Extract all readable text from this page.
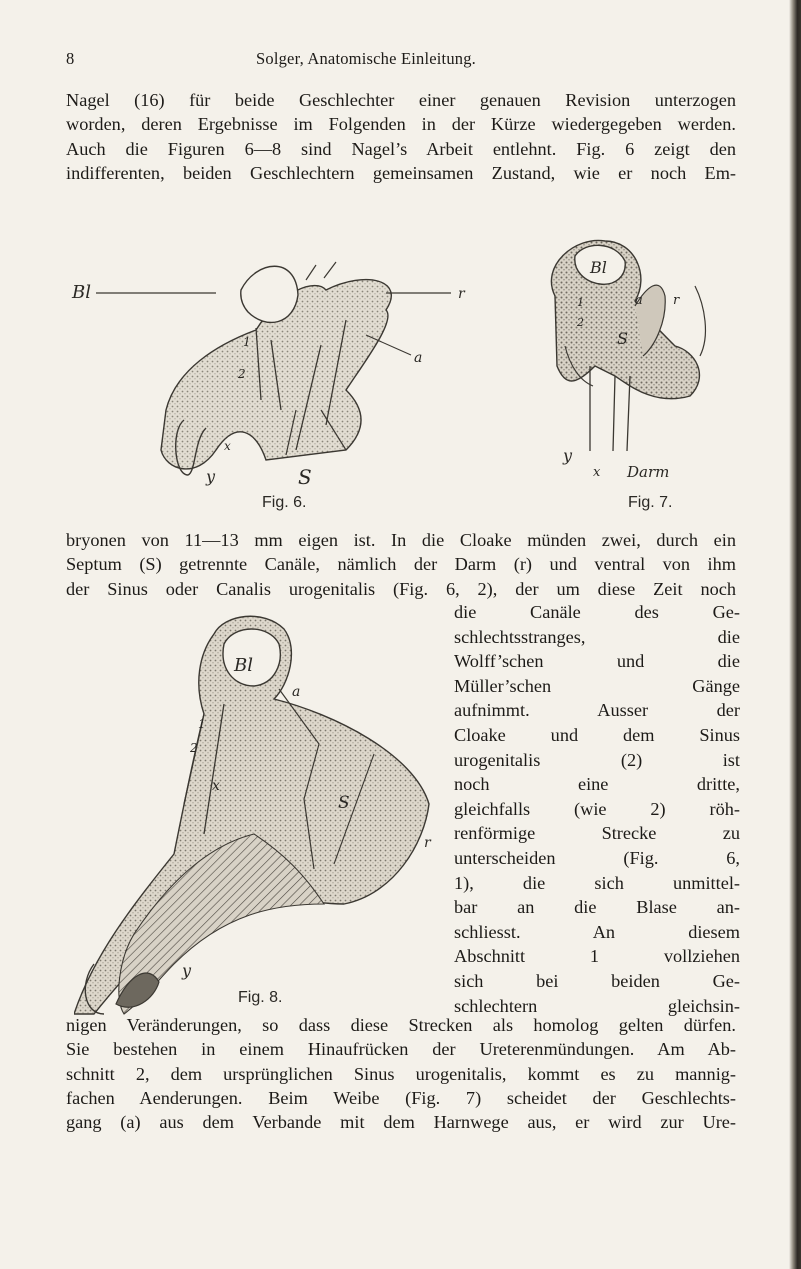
8	Solger, Anatomische Einleitung.
Nagel (16) für beide Geschlechter einer genauen Revision unterzogen
worden, deren Ergebnisse im Folgenden in der Kürze wiedergegeben werden.
Auch die Figuren 6—8 sind Nagel’s Arbeit entlehnt. Fig. 6 zeigt den
indifferenten, beiden Geschlechtern gemeinsamen Zustand, wie er noch Em-
Bl	r
a
1
2
x
y	S
Fig. 6.
Bl
1
2
a r
S
y
x Darm
Fig. 7.
bryonen von 11—13 mm eigen ist. In die Cloake münden zwei, durch ein
Septum (S) getrennte Canäle, nämlich der Darm (r) und ventral von ihm
der Sinus oder Canalis urogenitalis (Fig. 6, 2), der um diese Zeit noch
Bl
a
1
2
x
S
r
y
Fig. 8.
die Canäle des Ge-
schlechtsstranges, die
Wolff’schen und die
Müller’schen Gänge
aufnimmt. Ausser der
Cloake und dem Sinus
urogenitalis (2) ist
noch eine dritte,
gleichfalls (wie 2) röh-
renförmige Strecke zu
unterscheiden (Fig. 6,
1), die sich unmittel-
bar an die Blase an-
schliesst. An diesem
Abschnitt 1 vollziehen
sich bei beiden Ge-
schlechtern gleichsin-
nigen Veränderungen, so dass diese Strecken als homolog gelten dürfen.
Sie bestehen in einem Hinaufrücken der Ureterenmündungen. Am Ab-
schnitt 2, dem ursprünglichen Sinus urogenitalis, kommt es zu mannig-
fachen Aenderungen. Beim Weibe (Fig. 7) scheidet der Geschlechts-
gang (a) aus dem Verbande mit dem Harnwege aus, er wird zur Ure-
